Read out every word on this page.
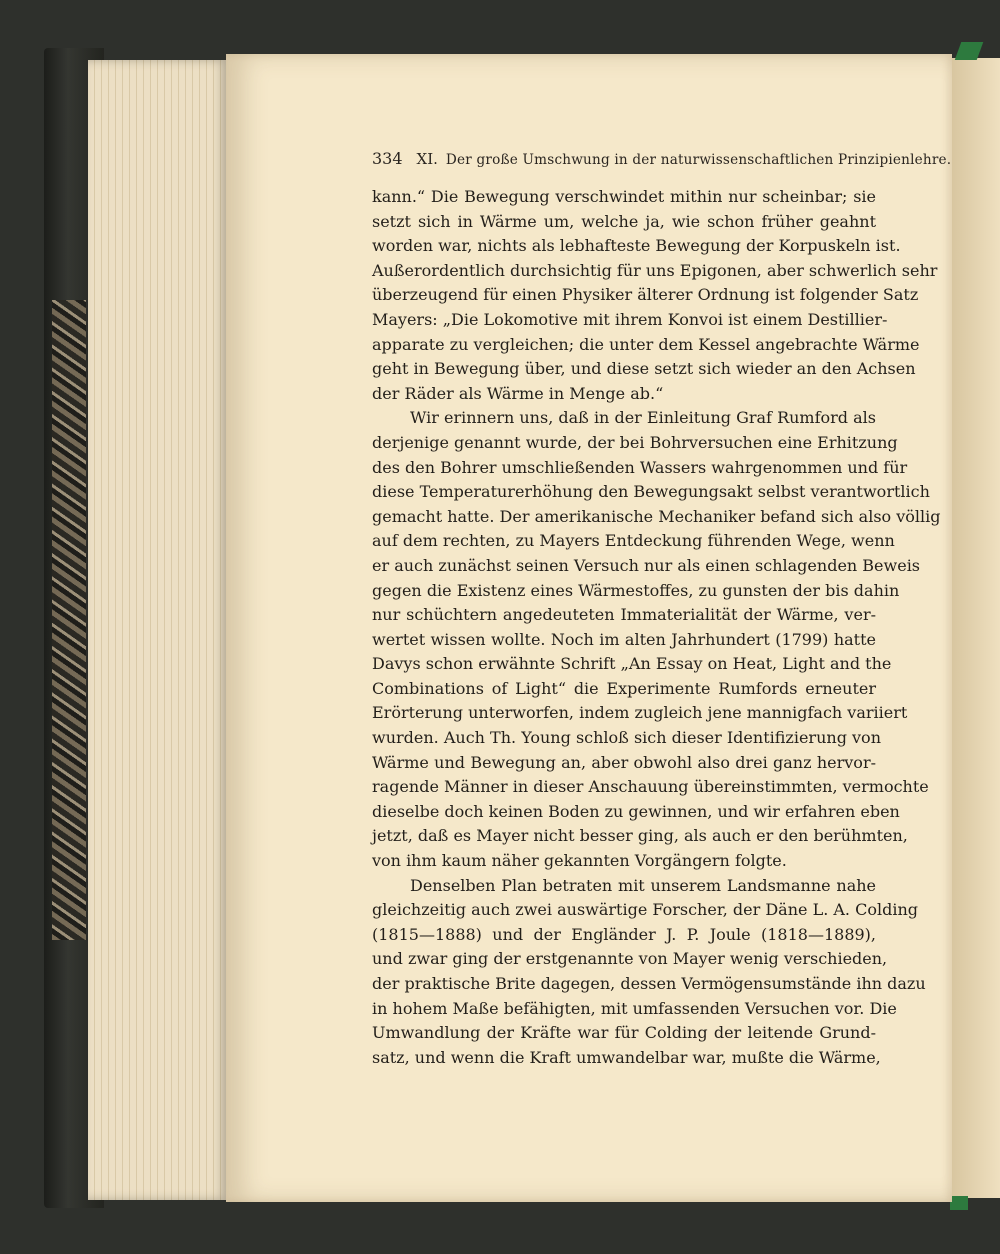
334 XI. Der große Umschwung in der naturwissenschaftlichen Prinzipienlehre.
kann.“ Die Bewegung verschwindet mithin nur scheinbar; sie
setzt sich in Wärme um, welche ja, wie schon früher geahnt
worden war, nichts als lebhafteste Bewegung der Korpuskeln ist.
Außerordentlich durchsichtig für uns Epigonen, aber schwerlich sehr
überzeugend für einen Physiker älterer Ordnung ist folgender Satz
Mayers: „Die Lokomotive mit ihrem Konvoi ist einem Destillier-
apparate zu vergleichen; die unter dem Kessel angebrachte Wärme
geht in Bewegung über, und diese setzt sich wieder an den Achsen
der Räder als Wärme in Menge ab.“
Wir erinnern uns, daß in der Einleitung Graf Rumford als
derjenige genannt wurde, der bei Bohrversuchen eine Erhitzung
des den Bohrer umschließenden Wassers wahrgenommen und für
diese Temperaturerhöhung den Bewegungsakt selbst verantwortlich
gemacht hatte. Der amerikanische Mechaniker befand sich also völlig
auf dem rechten, zu Mayers Entdeckung führenden Wege, wenn
er auch zunächst seinen Versuch nur als einen schlagenden Beweis
gegen die Existenz eines Wärmestoffes, zu gunsten der bis dahin
nur schüchtern angedeuteten Immaterialität der Wärme, ver-
wertet wissen wollte. Noch im alten Jahrhundert (1799) hatte
Davys schon erwähnte Schrift „An Essay on Heat, Light and the
Combinations of Light“ die Experimente Rumfords erneuter
Erörterung unterworfen, indem zugleich jene mannigfach variiert
wurden. Auch Th. Young schloß sich dieser Identifizierung von
Wärme und Bewegung an, aber obwohl also drei ganz hervor-
ragende Männer in dieser Anschauung übereinstimmten, vermochte
dieselbe doch keinen Boden zu gewinnen, und wir erfahren eben
jetzt, daß es Mayer nicht besser ging, als auch er den berühmten,
von ihm kaum näher gekannten Vorgängern folgte.
Denselben Plan betraten mit unserem Landsmanne nahe
gleichzeitig auch zwei auswärtige Forscher, der Däne L. A. Colding
(1815—1888) und der Engländer J. P. Joule (1818—1889),
und zwar ging der erstgenannte von Mayer wenig verschieden,
der praktische Brite dagegen, dessen Vermögensumstände ihn dazu
in hohem Maße befähigten, mit umfassenden Versuchen vor. Die
Umwandlung der Kräfte war für Colding der leitende Grund-
satz, und wenn die Kraft umwandelbar war, mußte die Wärme,
